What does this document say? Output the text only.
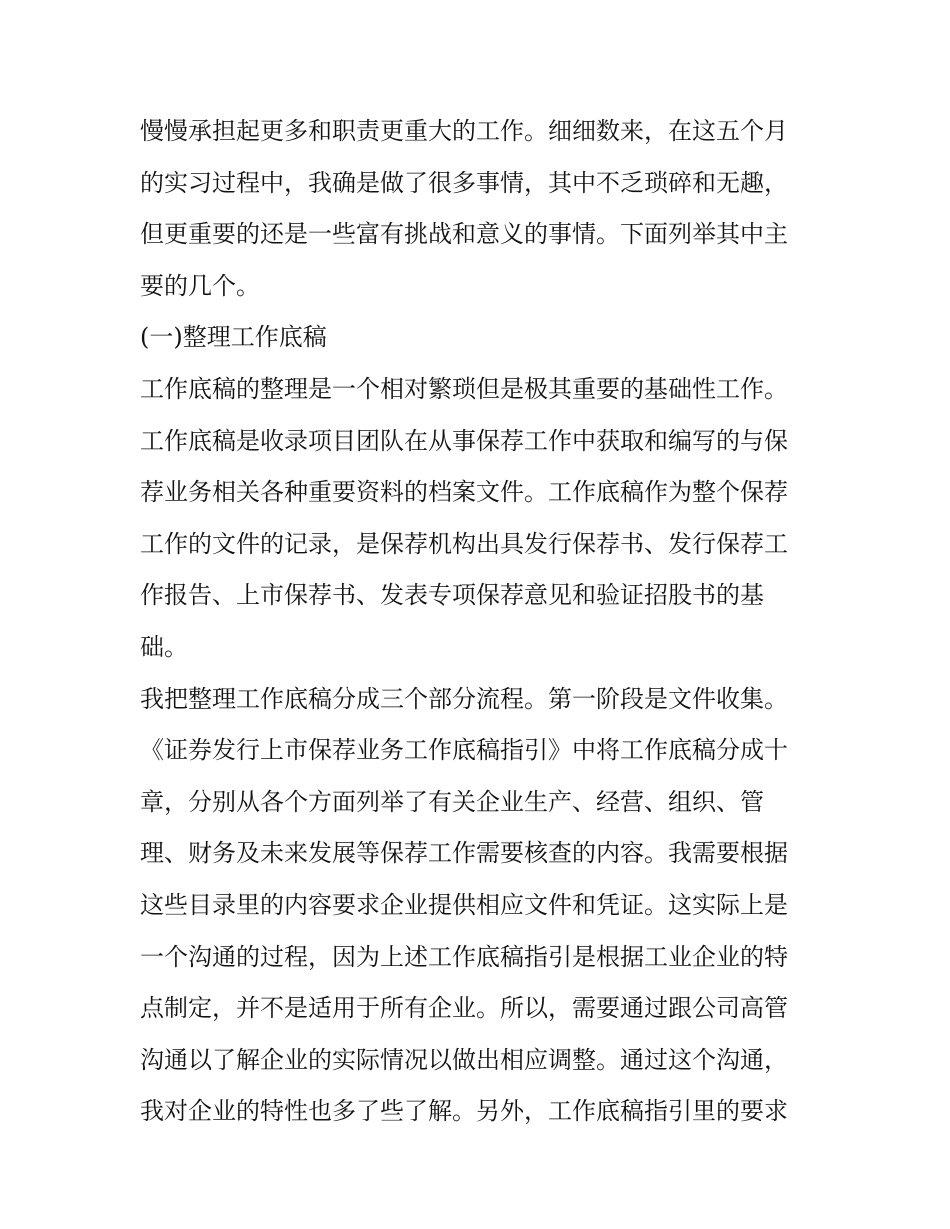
慢慢承担起更多和职责更重大的工作。细细数来，在这五个月
的实习过程中，我确是做了很多事情，其中不乏琐碎和无趣，
但更重要的还是一些富有挑战和意义的事情。下面列举其中主
要的几个。
(一)整理工作底稿
工作底稿的整理是一个相对繁琐但是极其重要的基础性工作。
工作底稿是收录项目团队在从事保荐工作中获取和编写的与保
荐业务相关各种重要资料的档案文件。工作底稿作为整个保荐
工作的文件的记录，是保荐机构出具发行保荐书、发行保荐工
作报告、上市保荐书、发表专项保荐意见和验证招股书的基
础。
我把整理工作底稿分成三个部分流程。第一阶段是文件收集。
《证券发行上市保荐业务工作底稿指引》中将工作底稿分成十
章，分别从各个方面列举了有关企业生产、经营、组织、管
理、财务及未来发展等保荐工作需要核查的内容。我需要根据
这些目录里的内容要求企业提供相应文件和凭证。这实际上是
一个沟通的过程，因为上述工作底稿指引是根据工业企业的特
点制定，并不是适用于所有企业。所以，需要通过跟公司高管
沟通以了解企业的实际情况以做出相应调整。通过这个沟通，
我对企业的特性也多了些了解。另外，工作底稿指引里的要求
